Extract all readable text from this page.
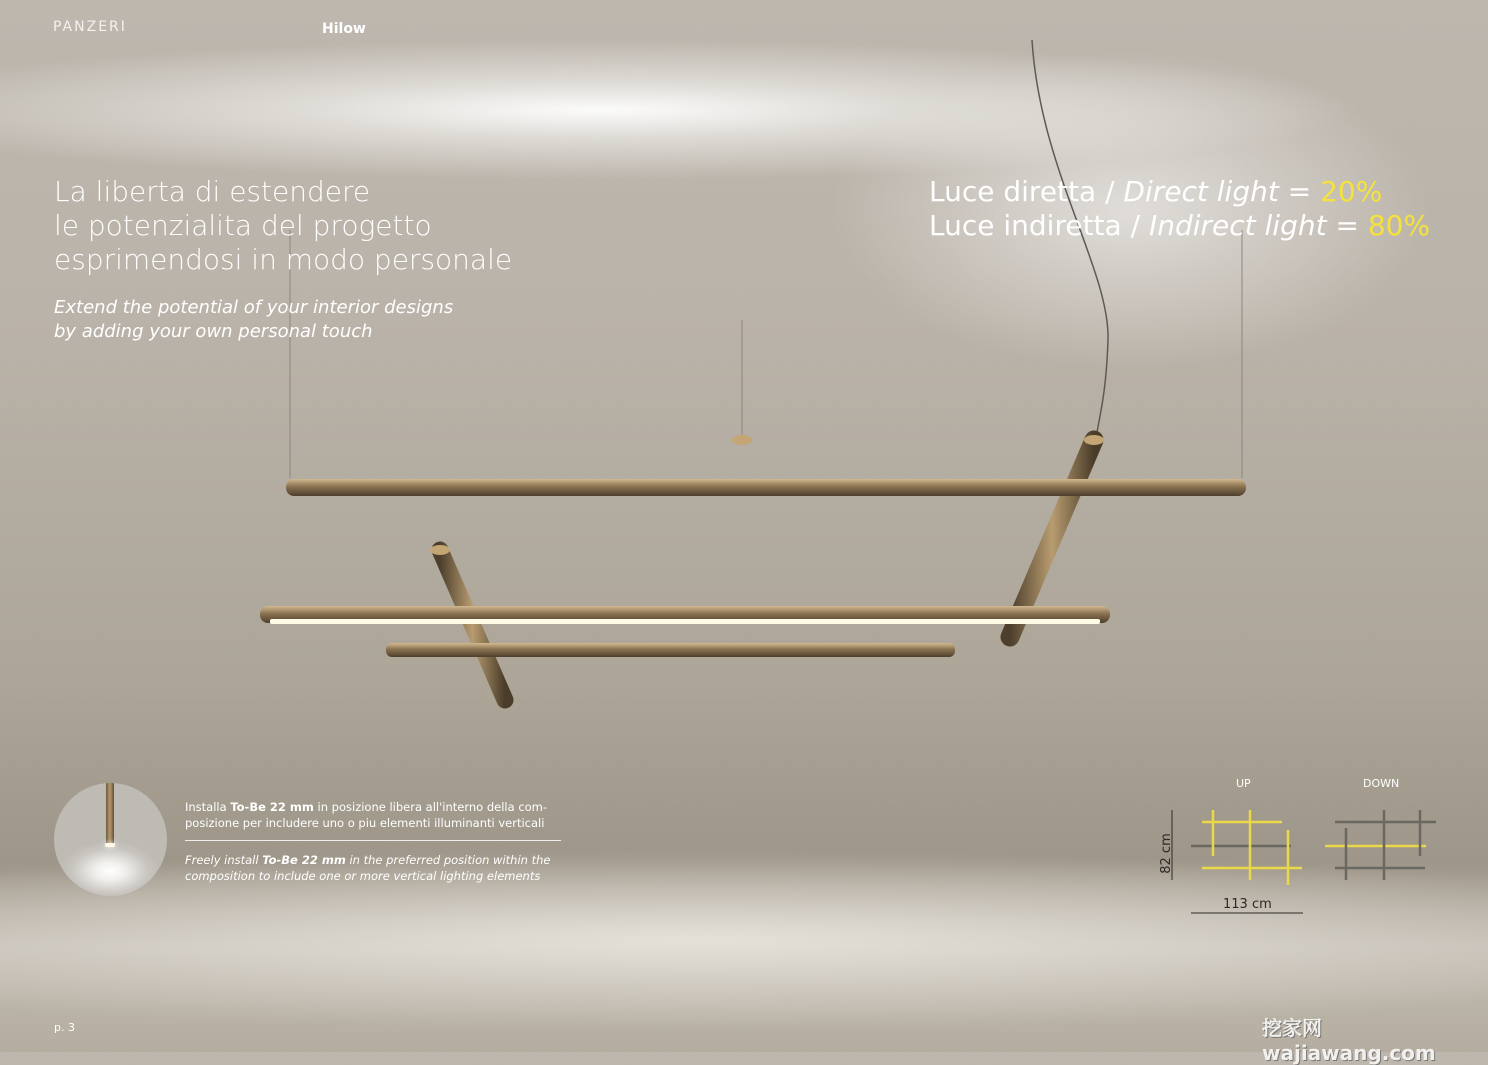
PANZERI	Hilow
La liberta di estendere
le potenzialita del progetto
esprimendosi in modo personale
Extend the potential of your interior designs
by adding your own personal touch
Luce diretta / Direct light = 20%
Luce indiretta / Indirect light = 80%
Installa To-Be 22 mm in posizione libera all'interno della com-posizione per includere uno o piu elementi illuminanti verticali
Freely install To-Be 22 mm in the preferred position within the composition to include one or more vertical lighting elements
UP	DOWN
113 cm
82 cm
p. 3	挖家网 wajiawang.com
